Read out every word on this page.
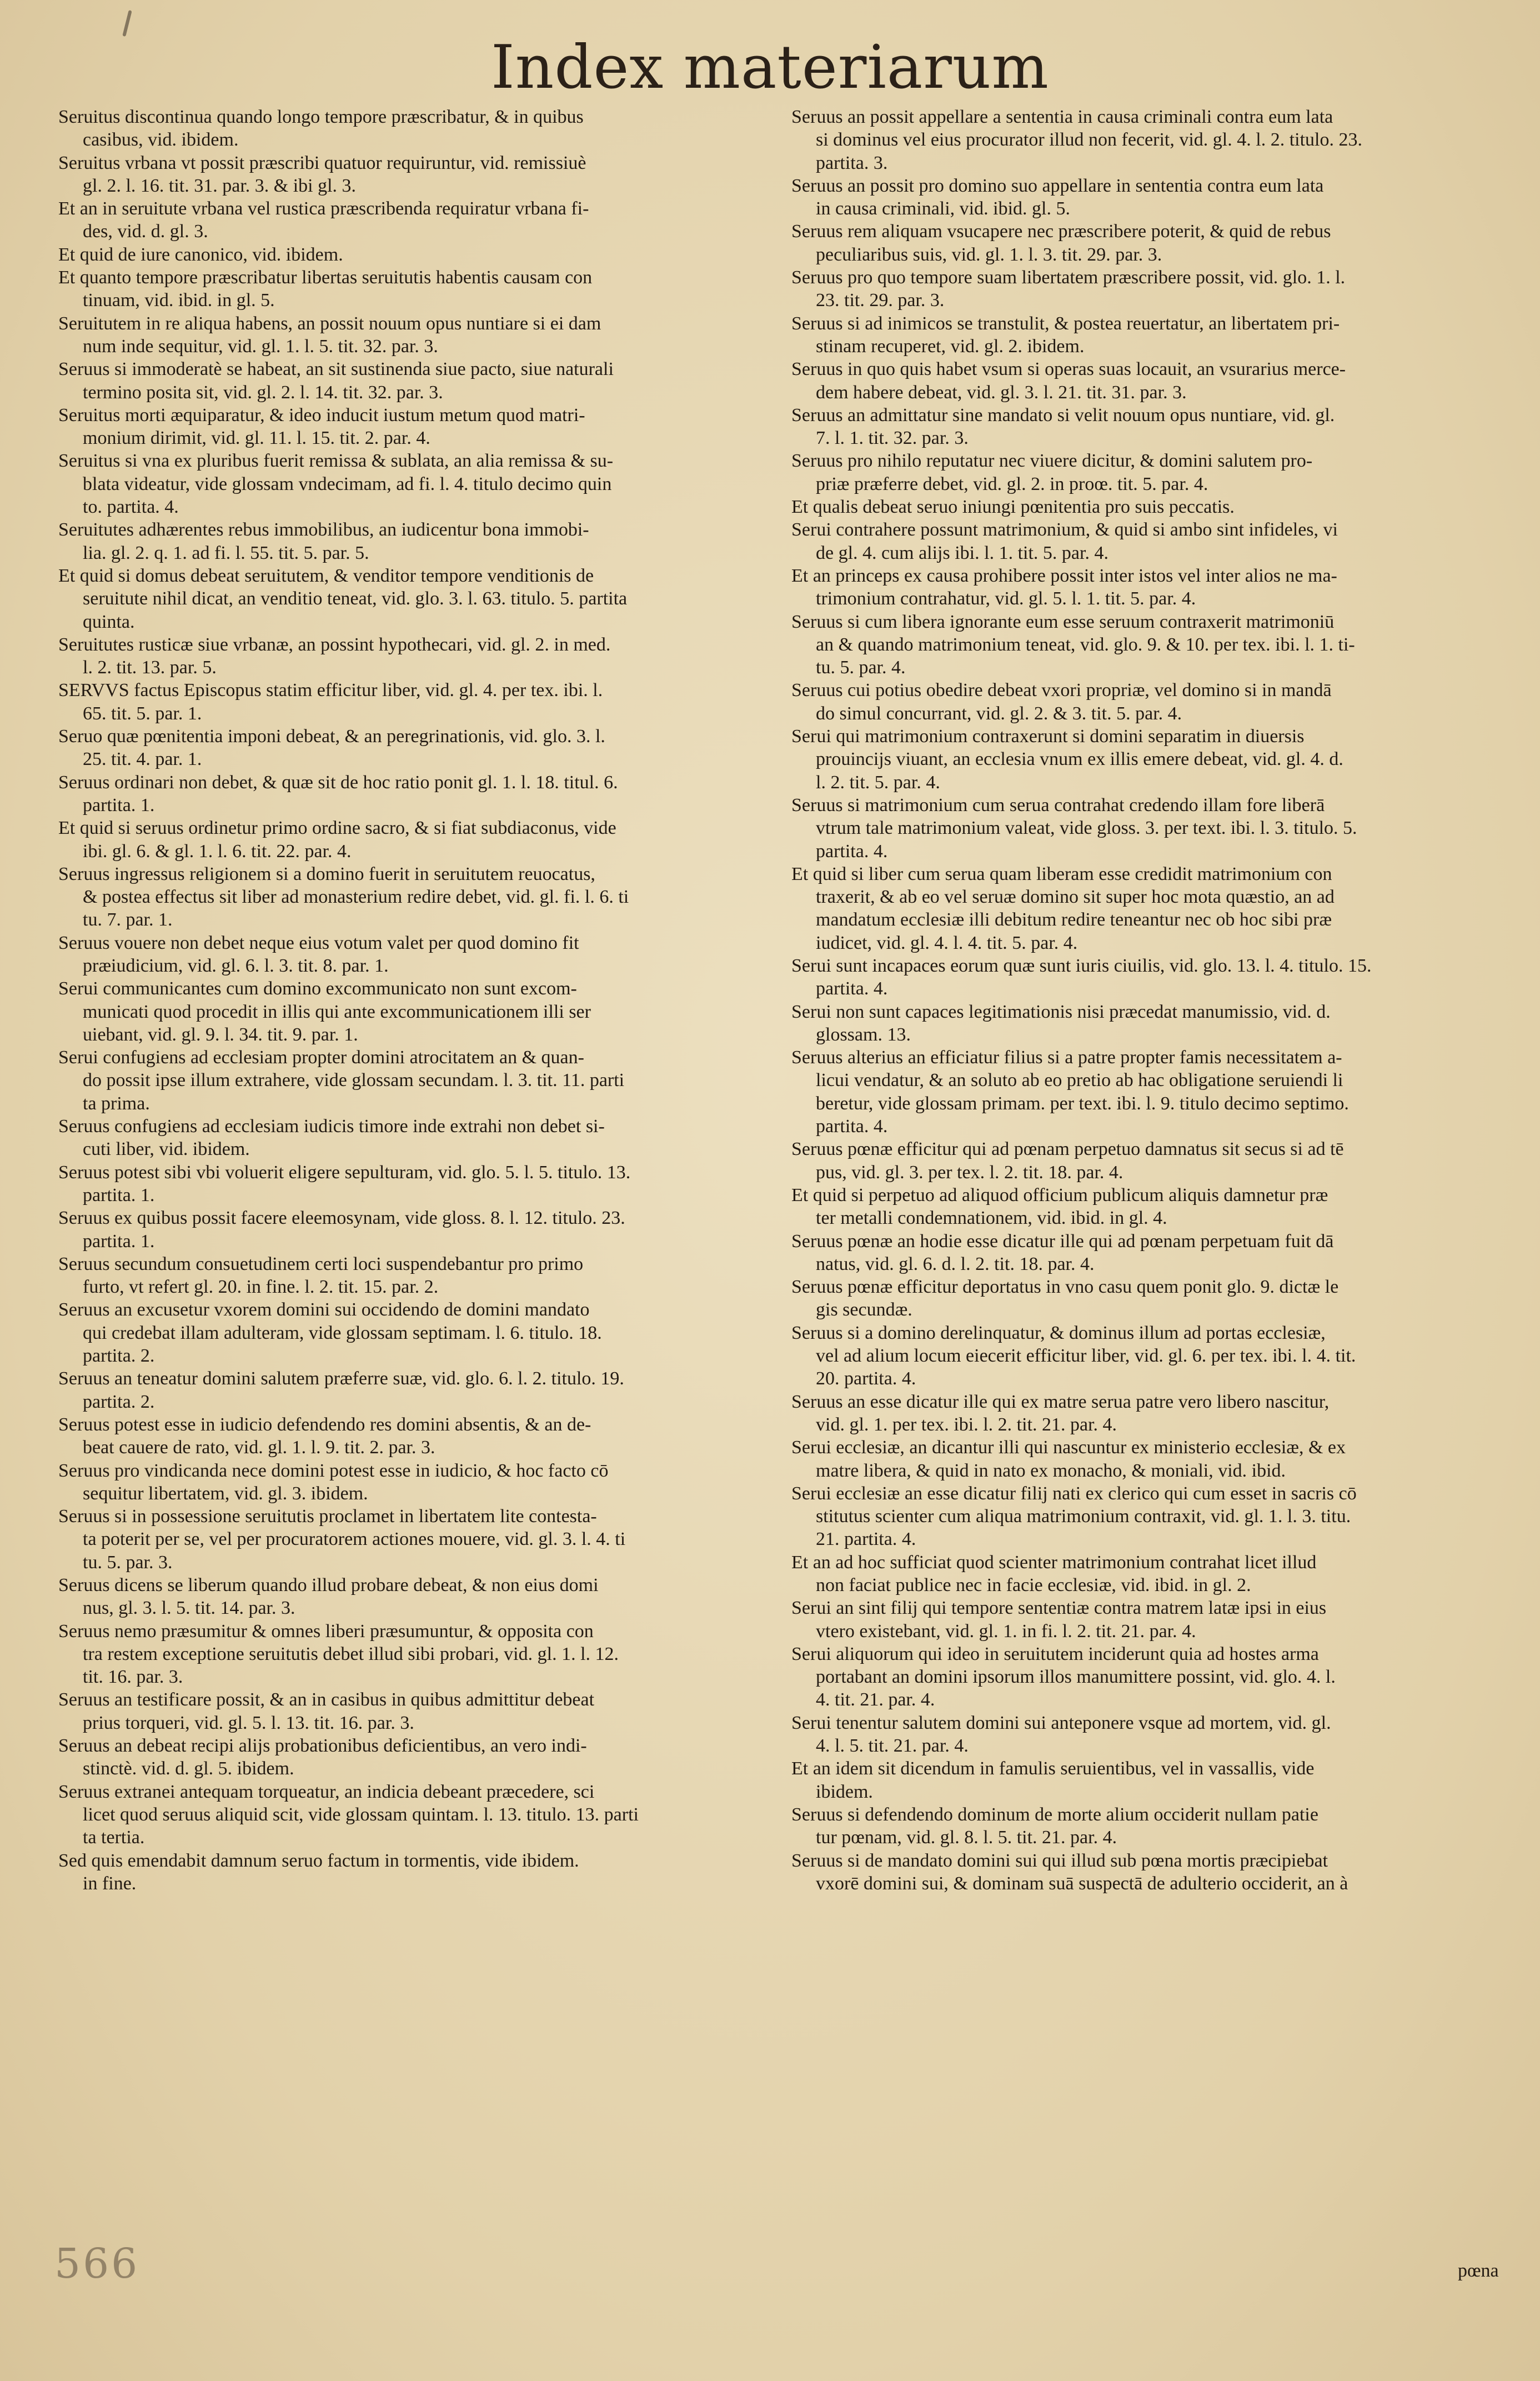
Index materiarum
Seruitus discontinua quando longo tempore præscribatur, & in quibus
casibus, vid. ibidem.
Seruitus vrbana vt possit præscribi quatuor requiruntur, vid. remissiuè
gl. 2. l. 16. tit. 31. par. 3. & ibi gl. 3.
Et an in seruitute vrbana vel rustica præscribenda requiratur vrbana fi-
des, vid. d. gl. 3.
Et quid de iure canonico, vid. ibidem.
Et quanto tempore præscribatur libertas seruitutis habentis causam con
tinuam, vid. ibid. in gl. 5.
Seruitutem in re aliqua habens, an possit nouum opus nuntiare si ei dam
num inde sequitur, vid. gl. 1. l. 5. tit. 32. par. 3.
Seruus si immoderatè se habeat, an sit sustinenda siue pacto, siue naturali
termino posita sit, vid. gl. 2. l. 14. tit. 32. par. 3.
Seruitus morti æquiparatur, & ideo inducit iustum metum quod matri-
monium dirimit, vid. gl. 11. l. 15. tit. 2. par. 4.
Seruitus si vna ex pluribus fuerit remissa & sublata, an alia remissa & su-
blata videatur, vide glossam vndecimam, ad fi. l. 4. titulo decimo quin
to. partita. 4.
Seruitutes adhærentes rebus immobilibus, an iudicentur bona immobi-
lia. gl. 2. q. 1. ad fi. l. 55. tit. 5. par. 5.
Et quid si domus debeat seruitutem, & venditor tempore venditionis de
seruitute nihil dicat, an venditio teneat, vid. glo. 3. l. 63. titulo. 5. partita
quinta.
Seruitutes rusticæ siue vrbanæ, an possint hypothecari, vid. gl. 2. in med.
l. 2. tit. 13. par. 5.
SERVVS factus Episcopus statim efficitur liber, vid. gl. 4. per tex. ibi. l.
65. tit. 5. par. 1.
Seruo quæ pœnitentia imponi debeat, & an peregrinationis, vid. glo. 3. l.
25. tit. 4. par. 1.
Seruus ordinari non debet, & quæ sit de hoc ratio ponit gl. 1. l. 18. titul. 6.
partita. 1.
Et quid si seruus ordinetur primo ordine sacro, & si fiat subdiaconus, vide
ibi. gl. 6. & gl. 1. l. 6. tit. 22. par. 4.
Seruus ingressus religionem si a domino fuerit in seruitutem reuocatus,
& postea effectus sit liber ad monasterium redire debet, vid. gl. fi. l. 6. ti
tu. 7. par. 1.
Seruus vouere non debet neque eius votum valet per quod domino fit
præiudicium, vid. gl. 6. l. 3. tit. 8. par. 1.
Serui communicantes cum domino excommunicato non sunt excom-
municati quod procedit in illis qui ante excommunicationem illi ser
uiebant, vid. gl. 9. l. 34. tit. 9. par. 1.
Serui confugiens ad ecclesiam propter domini atrocitatem an & quan-
do possit ipse illum extrahere, vide glossam secundam. l. 3. tit. 11. parti
ta prima.
Seruus confugiens ad ecclesiam iudicis timore inde extrahi non debet si-
cuti liber, vid. ibidem.
Seruus potest sibi vbi voluerit eligere sepulturam, vid. glo. 5. l. 5. titulo. 13.
partita. 1.
Seruus ex quibus possit facere eleemosynam, vide gloss. 8. l. 12. titulo. 23.
partita. 1.
Seruus secundum consuetudinem certi loci suspendebantur pro primo
furto, vt refert gl. 20. in fine. l. 2. tit. 15. par. 2.
Seruus an excusetur vxorem domini sui occidendo de domini mandato
qui credebat illam adulteram, vide glossam septimam. l. 6. titulo. 18.
partita. 2.
Seruus an teneatur domini salutem præferre suæ, vid. glo. 6. l. 2. titulo. 19.
partita. 2.
Seruus potest esse in iudicio defendendo res domini absentis, & an de-
beat cauere de rato, vid. gl. 1. l. 9. tit. 2. par. 3.
Seruus pro vindicanda nece domini potest esse in iudicio, & hoc facto cō
sequitur libertatem, vid. gl. 3. ibidem.
Seruus si in possessione seruitutis proclamet in libertatem lite contesta-
ta poterit per se, vel per procuratorem actiones mouere, vid. gl. 3. l. 4. ti
tu. 5. par. 3.
Seruus dicens se liberum quando illud probare debeat, & non eius domi
nus, gl. 3. l. 5. tit. 14. par. 3.
Seruus nemo præsumitur & omnes liberi præsumuntur, & opposita con
tra restem exceptione seruitutis debet illud sibi probari, vid. gl. 1. l. 12.
tit. 16. par. 3.
Seruus an testificare possit, & an in casibus in quibus admittitur debeat
prius torqueri, vid. gl. 5. l. 13. tit. 16. par. 3.
Seruus an debeat recipi alijs probationibus deficientibus, an vero indi-
stinctè. vid. d. gl. 5. ibidem.
Seruus extranei antequam torqueatur, an indicia debeant præcedere, sci
licet quod seruus aliquid scit, vide glossam quintam. l. 13. titulo. 13. parti
ta tertia.
Sed quis emendabit damnum seruo factum in tormentis, vide ibidem.
in fine.
Seruus an possit appellare a sententia in causa criminali contra eum lata
si dominus vel eius procurator illud non fecerit, vid. gl. 4. l. 2. titulo. 23.
partita. 3.
Seruus an possit pro domino suo appellare in sententia contra eum lata
in causa criminali, vid. ibid. gl. 5.
Seruus rem aliquam vsucapere nec præscribere poterit, & quid de rebus
peculiaribus suis, vid. gl. 1. l. 3. tit. 29. par. 3.
Seruus pro quo tempore suam libertatem præscribere possit, vid. glo. 1. l.
23. tit. 29. par. 3.
Seruus si ad inimicos se transtulit, & postea reuertatur, an libertatem pri-
stinam recuperet, vid. gl. 2. ibidem.
Seruus in quo quis habet vsum si operas suas locauit, an vsurarius merce-
dem habere debeat, vid. gl. 3. l. 21. tit. 31. par. 3.
Seruus an admittatur sine mandato si velit nouum opus nuntiare, vid. gl.
7. l. 1. tit. 32. par. 3.
Seruus pro nihilo reputatur nec viuere dicitur, & domini salutem pro-
priæ præferre debet, vid. gl. 2. in proœ. tit. 5. par. 4.
Et qualis debeat seruo iniungi pœnitentia pro suis peccatis.
Serui contrahere possunt matrimonium, & quid si ambo sint infideles, vi
de gl. 4. cum alijs ibi. l. 1. tit. 5. par. 4.
Et an princeps ex causa prohibere possit inter istos vel inter alios ne ma-
trimonium contrahatur, vid. gl. 5. l. 1. tit. 5. par. 4.
Seruus si cum libera ignorante eum esse seruum contraxerit matrimoniū
an & quando matrimonium teneat, vid. glo. 9. & 10. per tex. ibi. l. 1. ti-
tu. 5. par. 4.
Seruus cui potius obedire debeat vxori propriæ, vel domino si in mandā
do simul concurrant, vid. gl. 2. & 3. tit. 5. par. 4.
Serui qui matrimonium contraxerunt si domini separatim in diuersis
prouincijs viuant, an ecclesia vnum ex illis emere debeat, vid. gl. 4. d.
l. 2. tit. 5. par. 4.
Seruus si matrimonium cum serua contrahat credendo illam fore liberā
vtrum tale matrimonium valeat, vide gloss. 3. per text. ibi. l. 3. titulo. 5.
partita. 4.
Et quid si liber cum serua quam liberam esse credidit matrimonium con
traxerit, & ab eo vel seruæ domino sit super hoc mota quæstio, an ad
mandatum ecclesiæ illi debitum redire teneantur nec ob hoc sibi præ
iudicet, vid. gl. 4. l. 4. tit. 5. par. 4.
Serui sunt incapaces eorum quæ sunt iuris ciuilis, vid. glo. 13. l. 4. titulo. 15.
partita. 4.
Serui non sunt capaces legitimationis nisi præcedat manumissio, vid. d.
glossam. 13.
Seruus alterius an efficiatur filius si a patre propter famis necessitatem a-
licui vendatur, & an soluto ab eo pretio ab hac obligatione seruiendi li
beretur, vide glossam primam. per text. ibi. l. 9. titulo decimo septimo.
partita. 4.
Seruus pœnæ efficitur qui ad pœnam perpetuo damnatus sit secus si ad tē
pus, vid. gl. 3. per tex. l. 2. tit. 18. par. 4.
Et quid si perpetuo ad aliquod officium publicum aliquis damnetur præ
ter metalli condemnationem, vid. ibid. in gl. 4.
Seruus pœnæ an hodie esse dicatur ille qui ad pœnam perpetuam fuit dā
natus, vid. gl. 6. d. l. 2. tit. 18. par. 4.
Seruus pœnæ efficitur deportatus in vno casu quem ponit glo. 9. dictæ le
gis secundæ.
Seruus si a domino derelinquatur, & dominus illum ad portas ecclesiæ,
vel ad alium locum eiecerit efficitur liber, vid. gl. 6. per tex. ibi. l. 4. tit.
20. partita. 4.
Seruus an esse dicatur ille qui ex matre serua patre vero libero nascitur,
vid. gl. 1. per tex. ibi. l. 2. tit. 21. par. 4.
Serui ecclesiæ, an dicantur illi qui nascuntur ex ministerio ecclesiæ, & ex
matre libera, & quid in nato ex monacho, & moniali, vid. ibid.
Serui ecclesiæ an esse dicatur filij nati ex clerico qui cum esset in sacris cō
stitutus scienter cum aliqua matrimonium contraxit, vid. gl. 1. l. 3. titu.
21. partita. 4.
Et an ad hoc sufficiat quod scienter matrimonium contrahat licet illud
non faciat publice nec in facie ecclesiæ, vid. ibid. in gl. 2.
Serui an sint filij qui tempore sententiæ contra matrem latæ ipsi in eius
vtero existebant, vid. gl. 1. in fi. l. 2. tit. 21. par. 4.
Serui aliquorum qui ideo in seruitutem inciderunt quia ad hostes arma
portabant an domini ipsorum illos manumittere possint, vid. glo. 4. l.
4. tit. 21. par. 4.
Serui tenentur salutem domini sui anteponere vsque ad mortem, vid. gl.
4. l. 5. tit. 21. par. 4.
Et an idem sit dicendum in famulis seruientibus, vel in vassallis, vide
ibidem.
Seruus si defendendo dominum de morte alium occiderit nullam patie
tur pœnam, vid. gl. 8. l. 5. tit. 21. par. 4.
Seruus si de mandato domini sui qui illud sub pœna mortis præcipiebat
vxorē domini sui, & dominam suā suspectā de adulterio occiderit, an à
pœna
566
